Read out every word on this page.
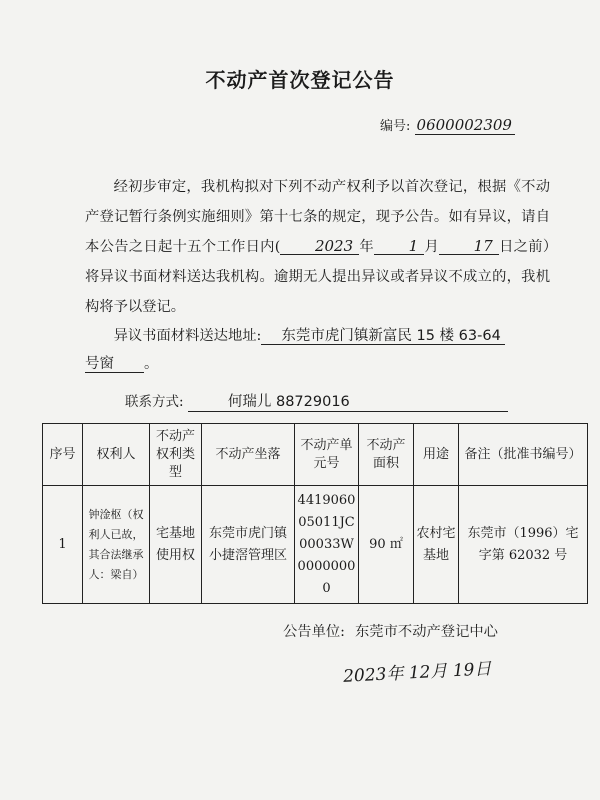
不动产首次登记公告
编号: 0600002309
经初步审定，我机构拟对下列不动产权利予以首次登记，根据《不动产登记暂行条例实施细则》第十七条的规定，现予公告。如有异议，请自本公告之日起十五个工作日内( 2023 年 1 月 17 日之前）将异议书面材料送达我机构。逾期无人提出异议或者异议不成立的，我机构将予以登记。
异议书面材料送达地址: 东莞市虎门镇新富民 15 楼 63-64
号窗 。
联系方式:	何瑞儿 88729016
序号	权利人	不动产权利类型	不动产坐落	不动产单元号	不动产面积	用途	备注（批准书编号）
1	钟淦枢（权利人已故，其合法继承人：梁自）	宅基地使用权	东莞市虎门镇小捷滘管理区	441906005011JC00033W00000000	90 ㎡	农村宅基地	东莞市（1996）宅字第 62032 号
公告单位: 东莞市不动产登记中心
2023年 12月 19日
